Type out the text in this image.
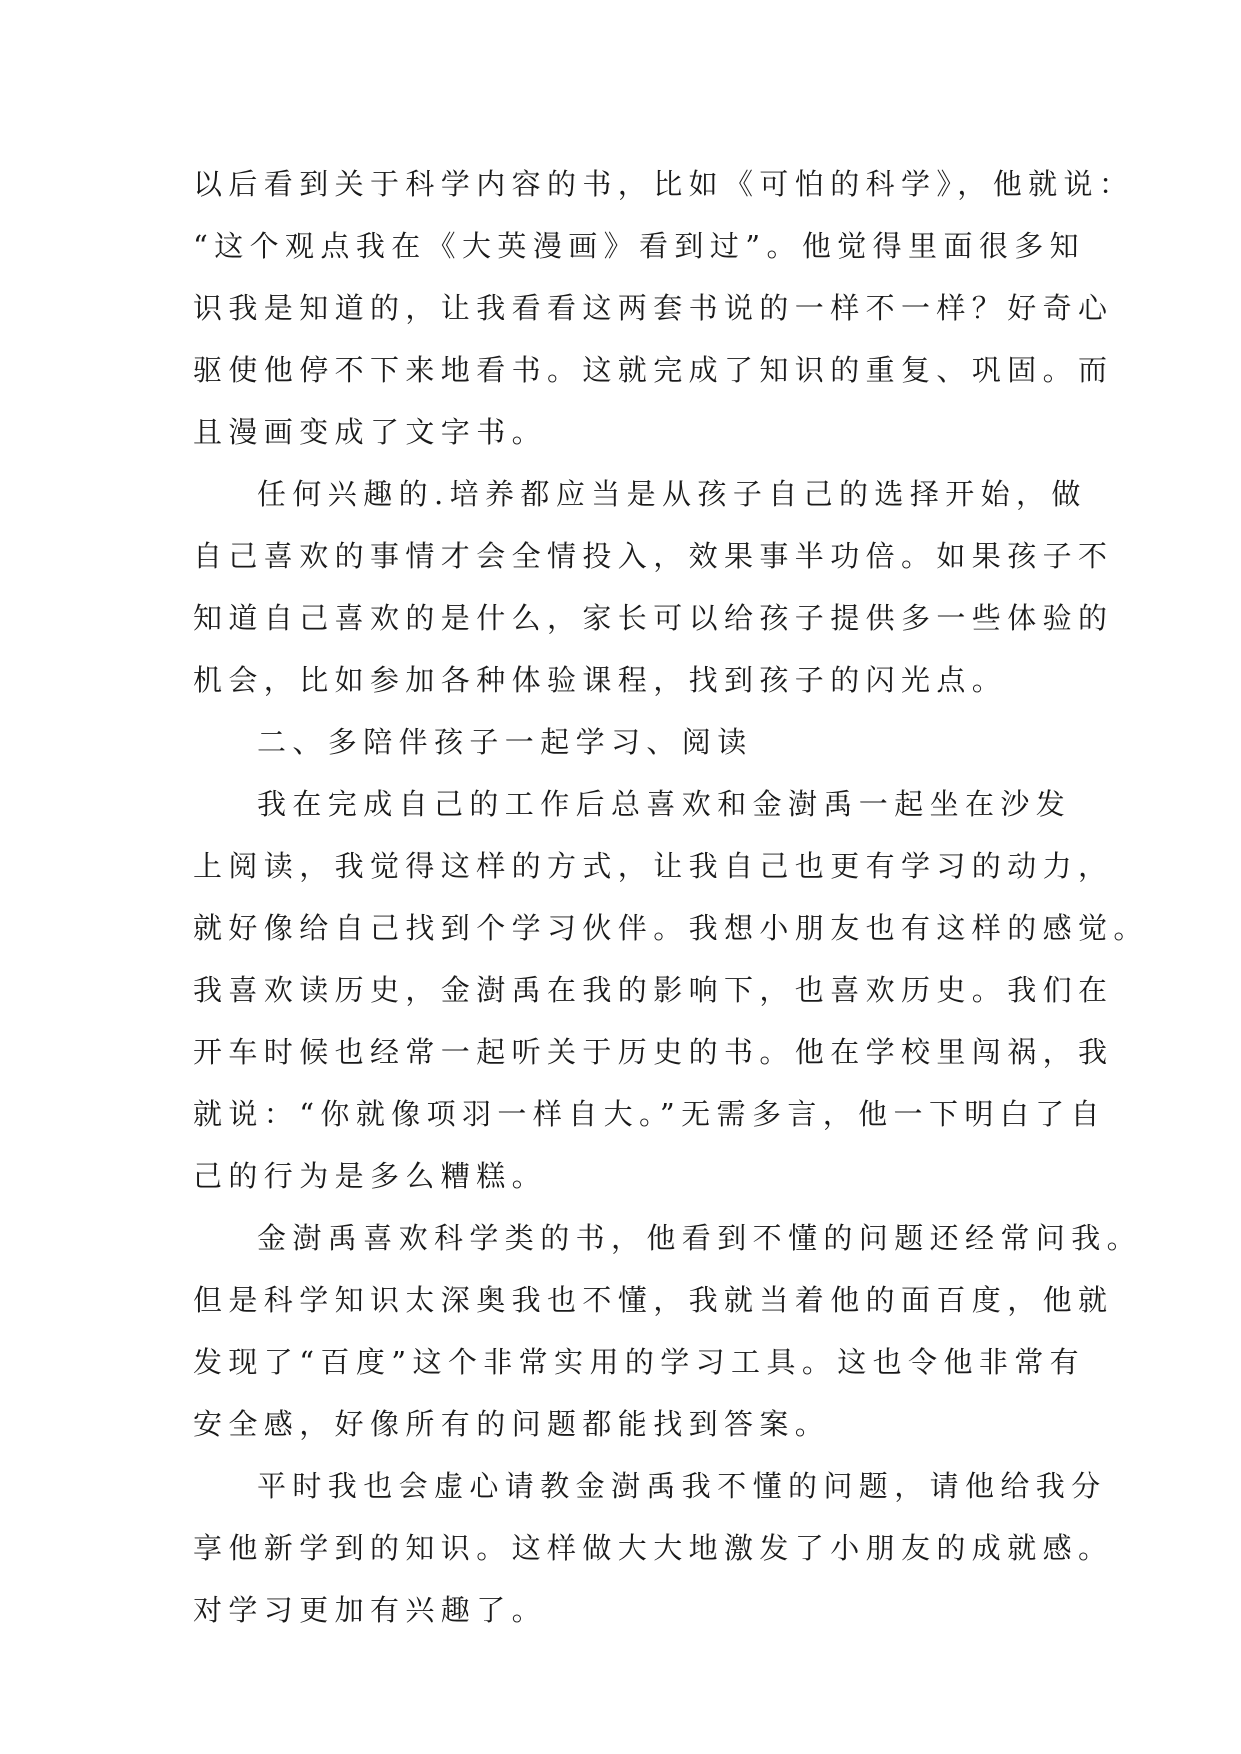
以后看到关于科学内容的书，比如《可怕的科学》，他就说：
“这个观点我在《大英漫画》看到过”。他觉得里面很多知
识我是知道的，让我看看这两套书说的一样不一样？好奇心
驱使他停不下来地看书。这就完成了知识的重复、巩固。而
且漫画变成了文字书。
任何兴趣的.培养都应当是从孩子自己的选择开始，做
自己喜欢的事情才会全情投入，效果事半功倍。如果孩子不
知道自己喜欢的是什么，家长可以给孩子提供多一些体验的
机会，比如参加各种体验课程，找到孩子的闪光点。
二、多陪伴孩子一起学习、阅读
我在完成自己的工作后总喜欢和金澍禹一起坐在沙发
上阅读，我觉得这样的方式，让我自己也更有学习的动力，
就好像给自己找到个学习伙伴。我想小朋友也有这样的感觉。
我喜欢读历史，金澍禹在我的影响下，也喜欢历史。我们在
开车时候也经常一起听关于历史的书。他在学校里闯祸，我
就说：“你就像项羽一样自大。”无需多言，他一下明白了自
己的行为是多么糟糕。
金澍禹喜欢科学类的书，他看到不懂的问题还经常问我。
但是科学知识太深奥我也不懂，我就当着他的面百度，他就
发现了“百度”这个非常实用的学习工具。这也令他非常有
安全感，好像所有的问题都能找到答案。
平时我也会虚心请教金澍禹我不懂的问题，请他给我分
享他新学到的知识。这样做大大地激发了小朋友的成就感。
对学习更加有兴趣了。
